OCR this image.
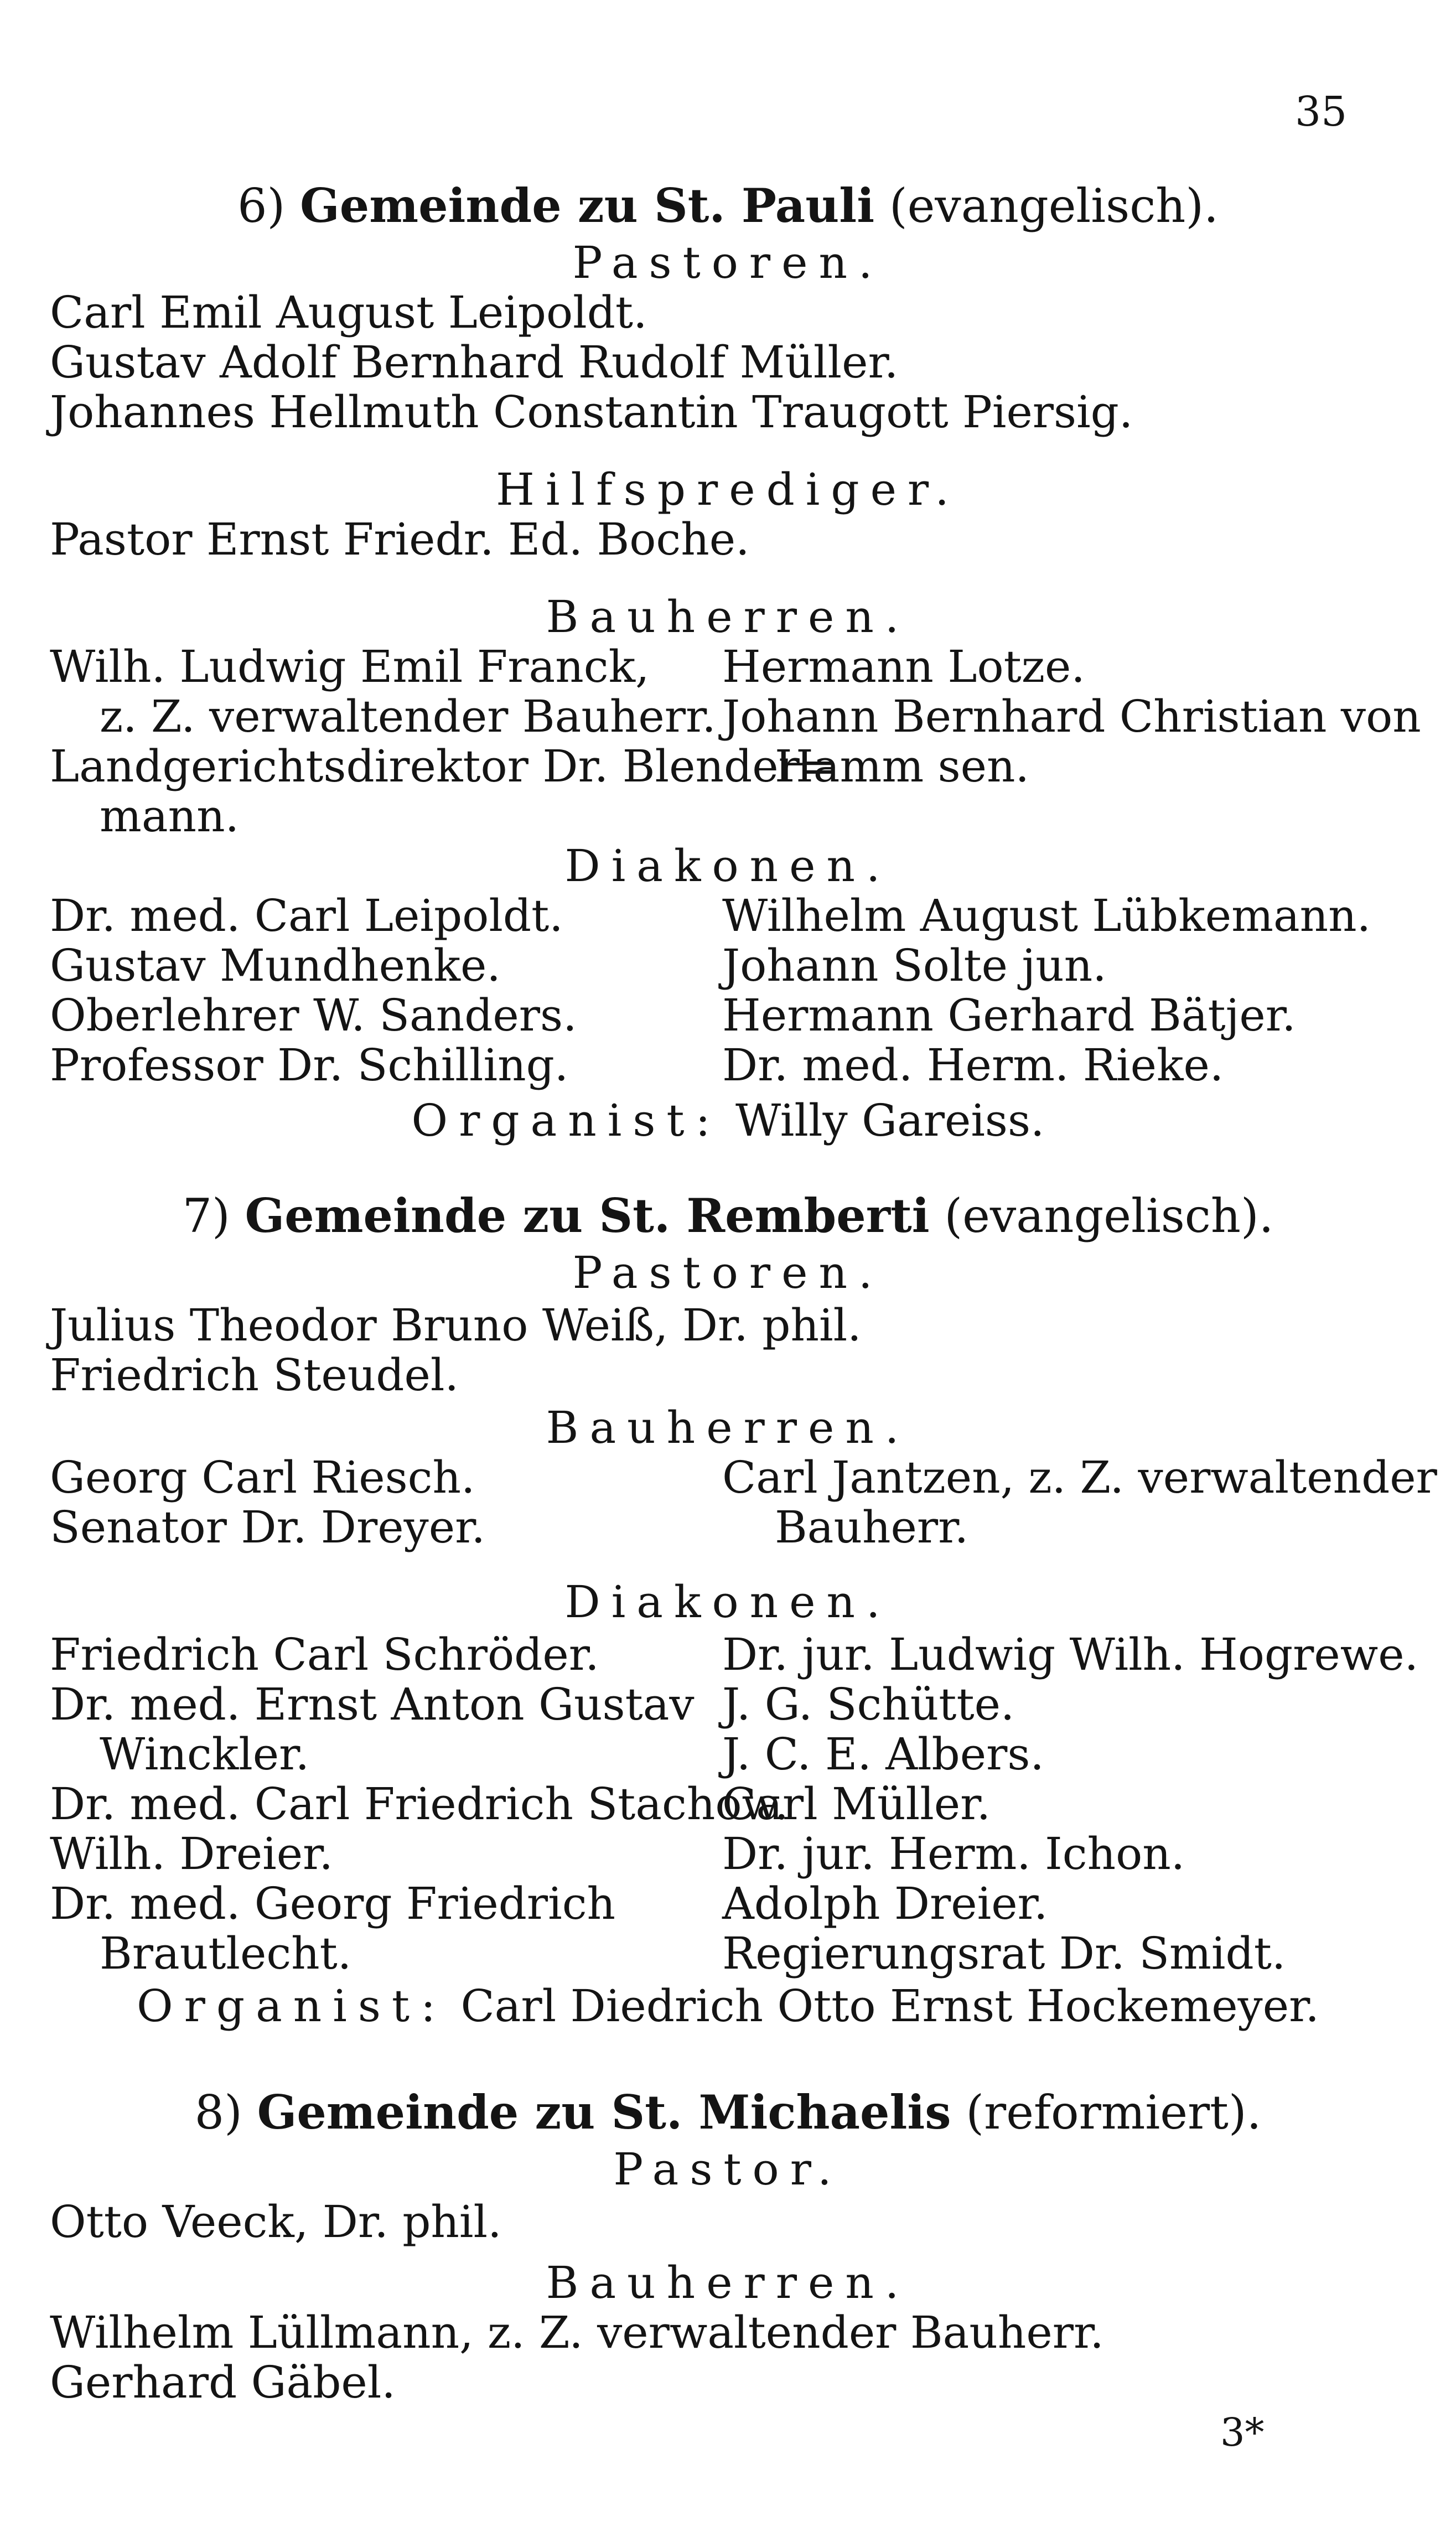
35
6) Gemeinde zu St. Pauli (evangelisch).
Pastoren.
Carl Emil August Leipoldt.
Gustav Adolf Bernhard Rudolf Müller.
Johannes Hellmuth Constantin Traugott Piersig.
Hilfsprediger.
Pastor Ernst Friedr. Ed. Boche.
Bauherren.
Wilh. Ludwig Emil Franck,
z. Z. verwaltender Bauherr.
Landgerichtsdirektor Dr. Blender=
mann.
Hermann Lotze.
Johann Bernhard Christian von
Hamm sen.
Diakonen.
Dr. med. Carl Leipoldt.
Gustav Mundhenke.
Oberlehrer W. Sanders.
Professor Dr. Schilling.
Wilhelm August Lübkemann.
Johann Solte jun.
Hermann Gerhard Bätjer.
Dr. med. Herm. Rieke.
Organist: Willy Gareiss.
7) Gemeinde zu St. Remberti (evangelisch).
Pastoren.
Julius Theodor Bruno Weiß, Dr. phil.
Friedrich Steudel.
Bauherren.
Georg Carl Riesch.
Senator Dr. Dreyer.
Carl Jantzen, z. Z. verwaltender
Bauherr.
Diakonen.
Friedrich Carl Schröder.
Dr. med. Ernst Anton Gustav
Winckler.
Dr. med. Carl Friedrich Stachow.
Wilh. Dreier.
Dr. med. Georg Friedrich
Brautlecht.
Dr. jur. Ludwig Wilh. Hogrewe.
J. G. Schütte.
J. C. E. Albers.
Carl Müller.
Dr. jur. Herm. Ichon.
Adolph Dreier.
Regierungsrat Dr. Smidt.
Organist: Carl Diedrich Otto Ernst Hockemeyer.
8) Gemeinde zu St. Michaelis (reformiert).
Pastor.
Otto Veeck, Dr. phil.
Bauherren.
Wilhelm Lüllmann, z. Z. verwaltender Bauherr.
Gerhard Gäbel.
3*
